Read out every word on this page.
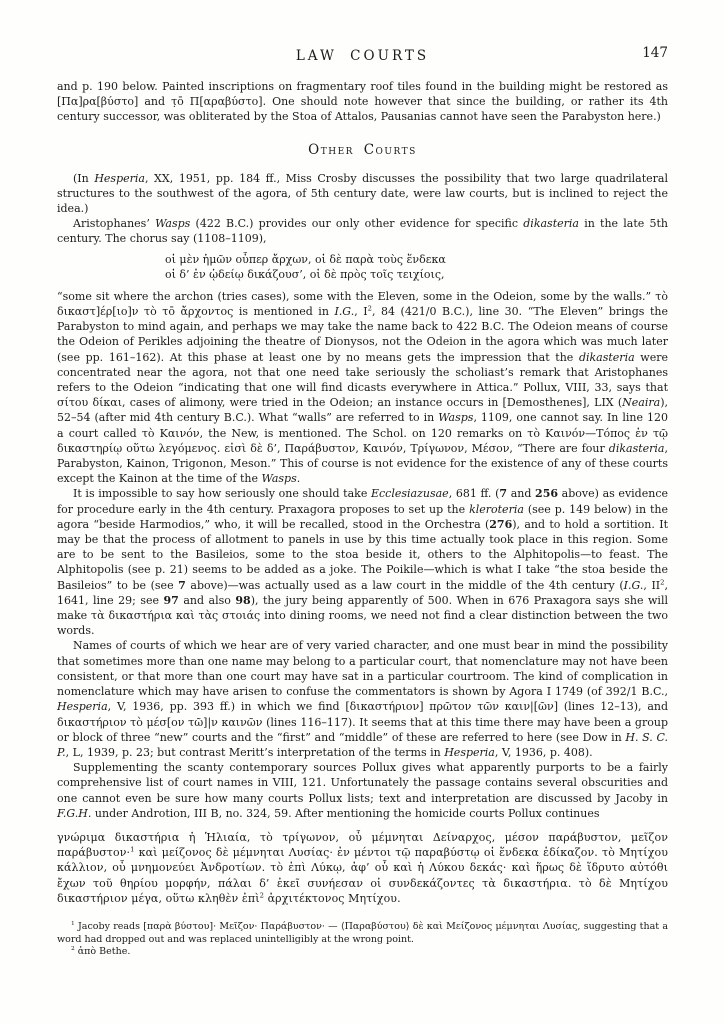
LAW COURTS	147

and p. 190 below. Painted inscriptions on fragmentary roof tiles found in the building might be restored as [Πα]ρα[βύστο] and τ̣ō Π[αραβύστο]. One should note however that since the building, or rather its 4th century successor, was obliterated by the Stoa of Attalos, Pausanias cannot have seen the Parabyston here.)

Other Courts

(In Hesperia, XX, 1951, pp. 184 ff., Miss Crosby discusses the possibility that two large quadrilateral structures to the southwest of the agora, of 5th century date, were law courts, but is inclined to reject the idea.)

Aristophanes’ Wasps (422 B.C.) provides our only other evidence for specific dikasteria in the late 5th century. The chorus say (1108–1109),

οἱ μὲν ἡμῶν οὗπερ ἄρχων, οἱ δὲ παρὰ τοὺς ἕνδεκα
οἱ δ’ ἐν ᾠδείῳ δικάζουσ’, οἱ δὲ πρὸς τοῖς τειχίοις,

“some sit where the archon (tries cases), some with the Eleven, some in the Odeion, some by the walls.” τὸ δικαστ]έρ[ιο]ν τὸ τō ἄρχοντος is mentioned in I.G., $I^2$, 84 (421/0 B.C.), line 30. “The Eleven” brings the Parabyston to mind again, and perhaps we may take the name back to 422 B.C. The Odeion means of course the Odeion of Perikles adjoining the theatre of Dionysos, not the Odeion in the agora which was much later (see pp. 161–162). At this phase at least one by no means gets the impression that the dikasteria were concentrated near the agora, not that one need take seriously the scholiast’s remark that Aristophanes refers to the Odeion “indicating that one will find dicasts everywhere in Attica.” Pollux, VIII, 33, says that σίτου δίκαι, cases of alimony, were tried in the Odeion; an instance occurs in [Demosthenes], LIX (Neaira), 52–54 (after mid 4th century B.C.). What “walls” are referred to in Wasps, 1109, one cannot say. In line 120 a court called τὸ Καινόν, the New, is mentioned. The Schol. on 120 remarks on τὸ Καινόν—Τόπος ἐν τῷ δικαστηρίῳ οὕτω λεγόμενος. εἰσὶ δὲ δ’, Παράβυστον, Καινόν, Τρίγωνον, Μέσον, “There are four dikasteria, Parabyston, Kainon, Trigonon, Meson.” This of course is not evidence for the existence of any of these courts except the Kainon at the time of the Wasps.

It is impossible to say how seriously one should take Ecclesiazusae, 681 ff. (7 and 256 above) as evidence for procedure early in the 4th century. Praxagora proposes to set up the kleroteria (see p. 149 below) in the agora “beside Harmodios,” who, it will be recalled, stood in the Orchestra (276), and to hold a sortition. It may be that the process of allotment to panels in use by this time actually took place in this region. Some are to be sent to the Basileios, some to the stoa beside it, others to the Alphitopolis—to feast. The Alphitopolis (see p. 21) seems to be added as a joke. The Poikile—which is what I take “the stoa beside the Basileios” to be (see 7 above)—was actually used as a law court in the middle of the 4th century (I.G., $II^2$, 1641, line 29; see 97 and also 98), the jury being apparently of 500. When in 676 Praxagora says she will make τὰ δικαστήρια καὶ τὰς στοιάς into dining rooms, we need not find a clear distinction between the two words.

Names of courts of which we hear are of very varied character, and one must bear in mind the possibility that sometimes more than one name may belong to a particular court, that nomenclature may not have been consistent, or that more than one court may have sat in a particular courtroom. The kind of complication in nomenclature which may have arisen to confuse the commentators is shown by Agora I 1749 (of 392/1 B.C., Hesperia, V, 1936, pp. 393 ff.) in which we find [δικαστήριον] πρῶτον τῶν καιν|[ῶν] (lines 12–13), and δικαστήριον τὸ μέσ[ον τῶ]|ν καινῶν (lines 116–117). It seems that at this time there may have been a group or block of three “new” courts and the “first” and “middle” of these are referred to here (see Dow in H. S. C. P., L, 1939, p. 23; but contrast Meritt’s interpretation of the terms in Hesperia, V, 1936, p. 408).

Supplementing the scanty contemporary sources Pollux gives what apparently purports to be a fairly comprehensive list of court names in VIII, 121. Unfortunately the passage contains several obscurities and one cannot even be sure how many courts Pollux lists; text and interpretation are discussed by Jacoby in F.G.H. under Androtion, III B, no. 324, 59. After mentioning the homicide courts Pollux continues

γνώριμα δικαστήρια ἡ Ἡλιαία, τὸ τρίγωνον, οὗ μέμνηται Δείναρχος, μέσον παράβυστον, μεῖζον παράβυστον·$^1$ καὶ μείζονος δὲ μέμνηται Λυσίας· ἐν μέντοι τῷ παραβύστῳ οἱ ἕνδεκα ἐδίκαζον. τὸ Μητίχου κάλλιον, οὗ μνημονεύει Ἀνδροτίων. τὸ ἐπὶ Λύκῳ, ἀφ’ οὗ καὶ ἡ Λύκου δεκάς· καὶ ἥρως δὲ ἵδρυτο αὐτόθι ἔχων τοῦ θηρίου μορφήν, πάλαι δ’ ἐκεῖ συνήεσαν οἱ συνδεκάζοντες τὰ δικαστήρια. τὸ δὲ Μητίχου δικαστήριον μέγα, οὕτω κληθὲν ἐπὶ$^2$ ἀρχιτέκτονος Μητίχου.

$^1$ Jacoby reads [παρὰ βύστου]· Μεῖζον· Παράβυστον· — ⟨Παραβύστου⟩ δὲ καὶ Μείζονος μέμνηται Λυσίας, suggesting that a word had dropped out and was replaced unintelligibly at the wrong point.

$^2$ ἀπὸ Bethe.
